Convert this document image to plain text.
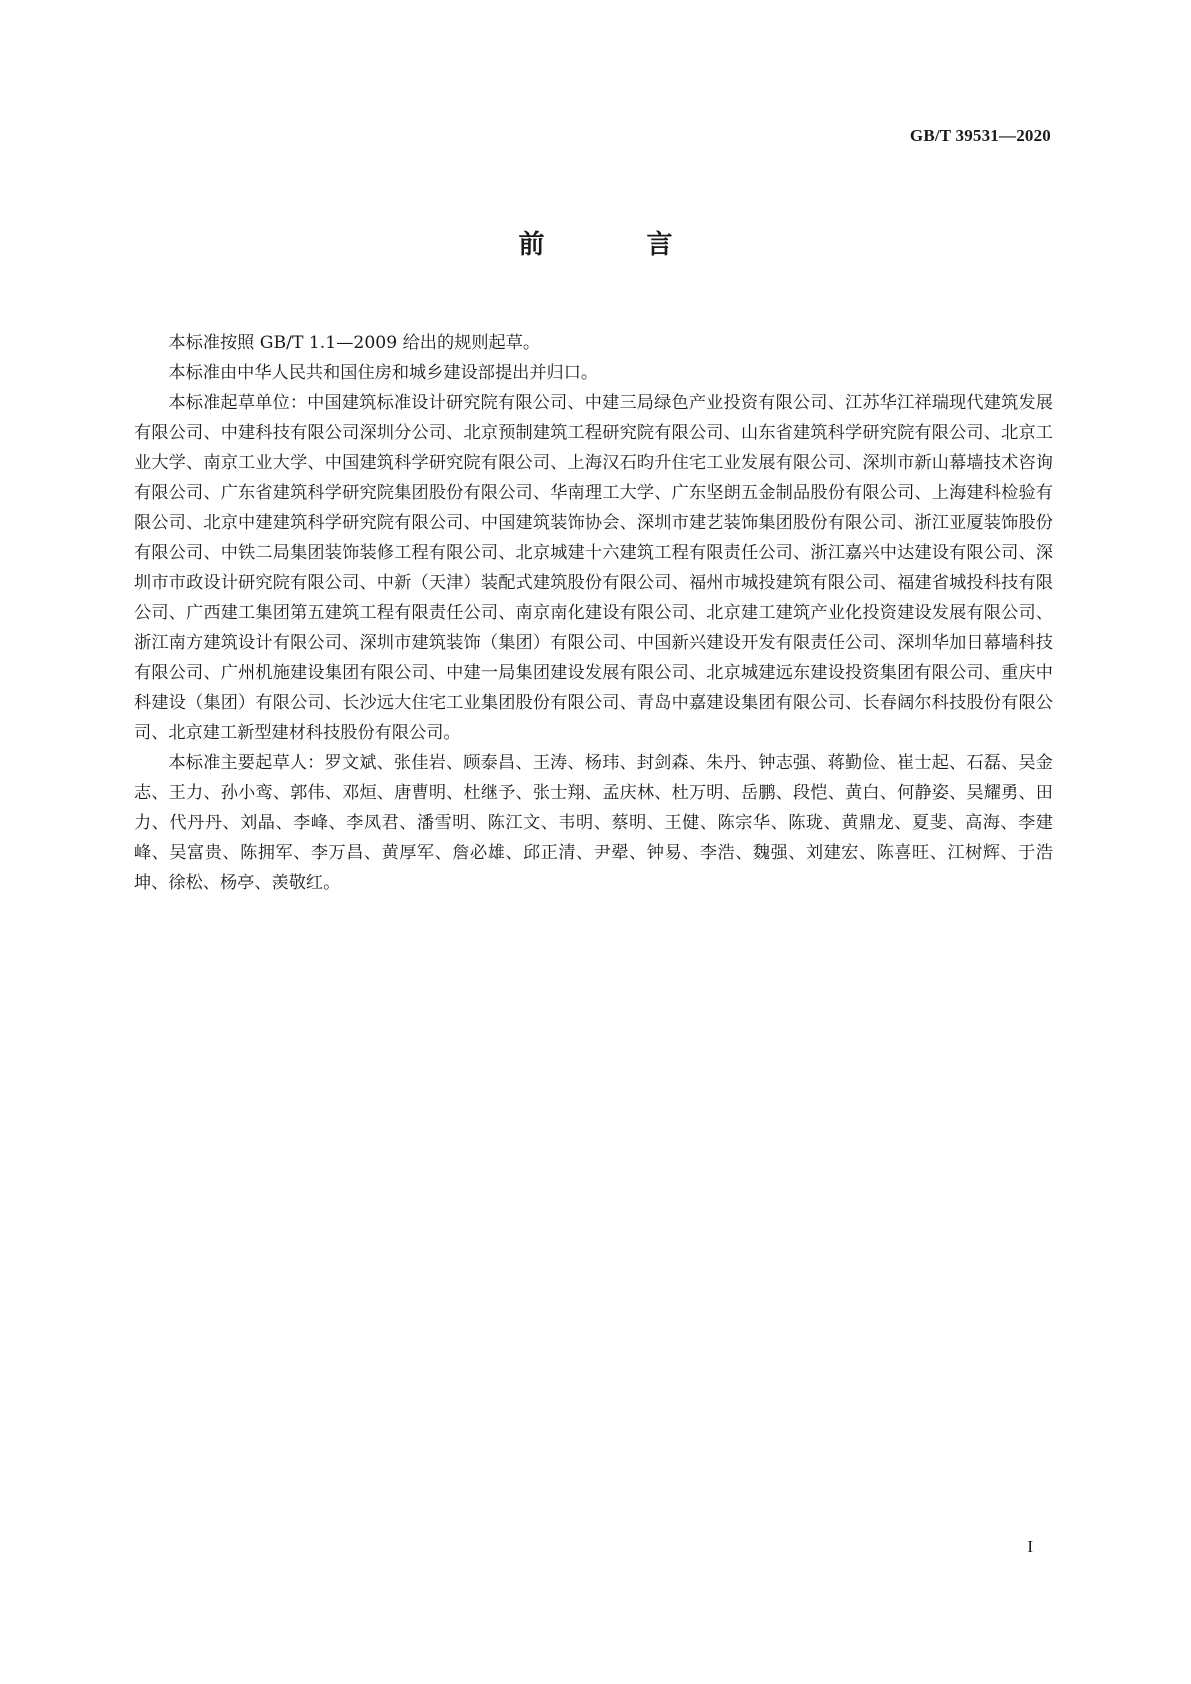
GB/T 39531—2020
前　言

本标准按照 GB/T 1.1—2009 给出的规则起草。

本标准由中华人民共和国住房和城乡建设部提出并归口。

本标准起草单位：中国建筑标准设计研究院有限公司、中建三局绿色产业投资有限公司、江苏华江祥瑞现代建筑发展有限公司、中建科技有限公司深圳分公司、北京预制建筑工程研究院有限公司、山东省建筑科学研究院有限公司、北京工业大学、南京工业大学、中国建筑科学研究院有限公司、上海汉石昀升住宅工业发展有限公司、深圳市新山幕墙技术咨询有限公司、广东省建筑科学研究院集团股份有限公司、华南理工大学、广东坚朗五金制品股份有限公司、上海建科检验有限公司、北京中建建筑科学研究院有限公司、中国建筑装饰协会、深圳市建艺装饰集团股份有限公司、浙江亚厦装饰股份有限公司、中铁二局集团装饰装修工程有限公司、北京城建十六建筑工程有限责任公司、浙江嘉兴中达建设有限公司、深圳市市政设计研究院有限公司、中新（天津）装配式建筑股份有限公司、福州市城投建筑有限公司、福建省城投科技有限公司、广西建工集团第五建筑工程有限责任公司、南京南化建设有限公司、北京建工建筑产业化投资建设发展有限公司、浙江南方建筑设计有限公司、深圳市建筑装饰（集团）有限公司、中国新兴建设开发有限责任公司、深圳华加日幕墙科技有限公司、广州机施建设集团有限公司、中建一局集团建设发展有限公司、北京城建远东建设投资集团有限公司、重庆中科建设（集团）有限公司、长沙远大住宅工业集团股份有限公司、青岛中嘉建设集团有限公司、长春阔尔科技股份有限公司、北京建工新型建材科技股份有限公司。

本标准主要起草人：罗文斌、张佳岩、顾泰昌、王涛、杨玮、封剑森、朱丹、钟志强、蒋勤俭、崔士起、石磊、吴金志、王力、孙小鸾、郭伟、邓烜、唐曹明、杜继予、张士翔、孟庆林、杜万明、岳鹏、段恺、黄白、何静姿、吴耀勇、田力、代丹丹、刘晶、李峰、李凤君、潘雪明、陈江文、韦明、蔡明、王健、陈宗华、陈珑、黄鼎龙、夏斐、高海、李建峰、吴富贵、陈拥军、李万昌、黄厚军、詹必雄、邱正清、尹翚、钟易、李浩、魏强、刘建宏、陈喜旺、江树辉、于浩坤、徐松、杨亭、羡敬红。

I
